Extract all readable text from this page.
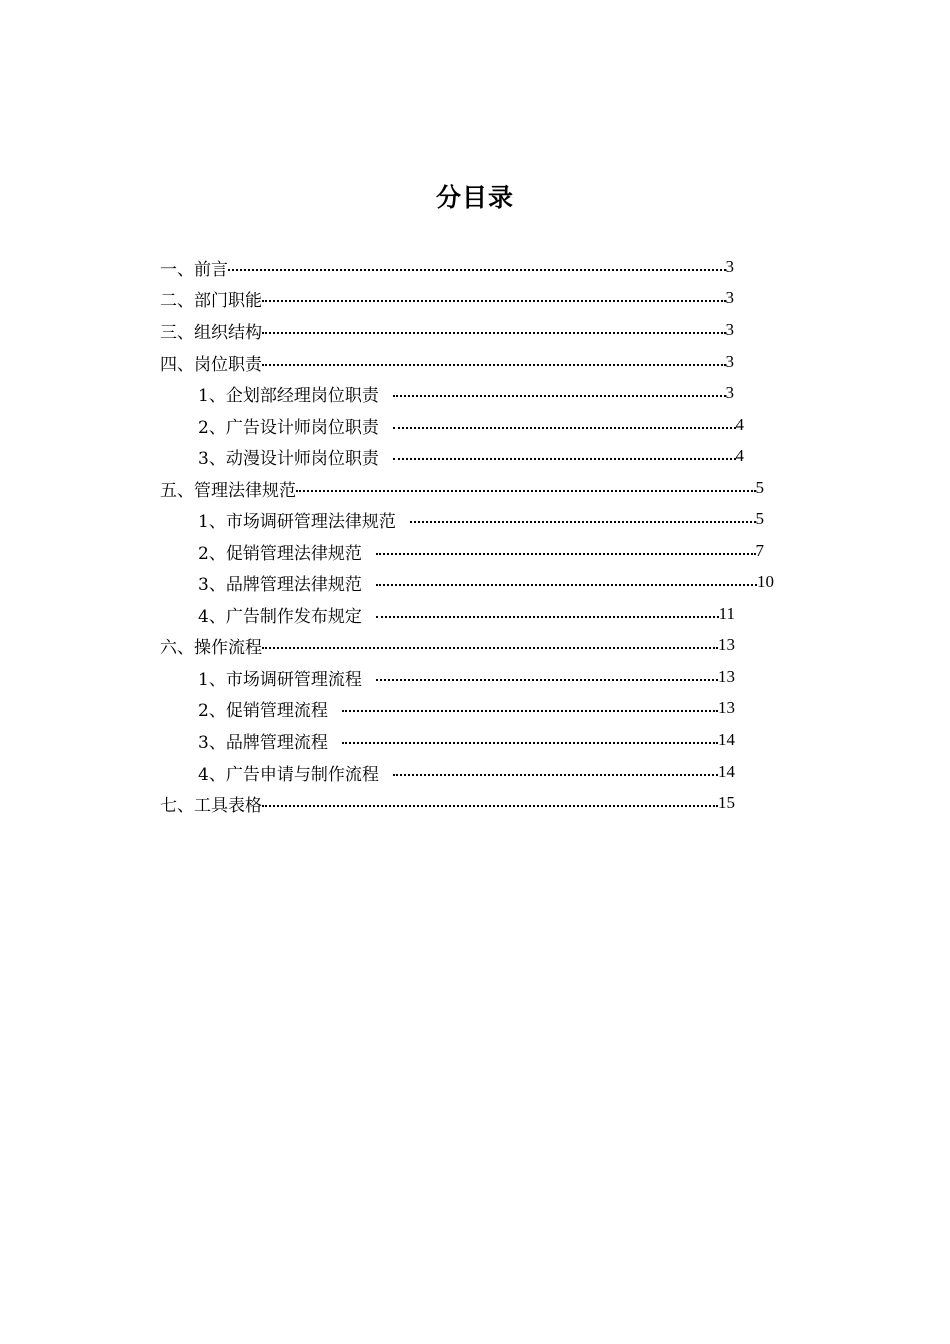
分目录
一、前言	3
二、部门职能	3
三、组织结构	3
四、岗位职责	3
1、企划部经理岗位职责	3
2、广告设计师岗位职责	4
3、动漫设计师岗位职责	4
五、管理法律规范	5
1、市场调研管理法律规范	5
2、促销管理法律规范	7
3、品牌管理法律规范	10
4、广告制作发布规定	11
六、操作流程	13
1、市场调研管理流程	13
2、促销管理流程	13
3、品牌管理流程	14
4、广告申请与制作流程	14
七、工具表格	15
